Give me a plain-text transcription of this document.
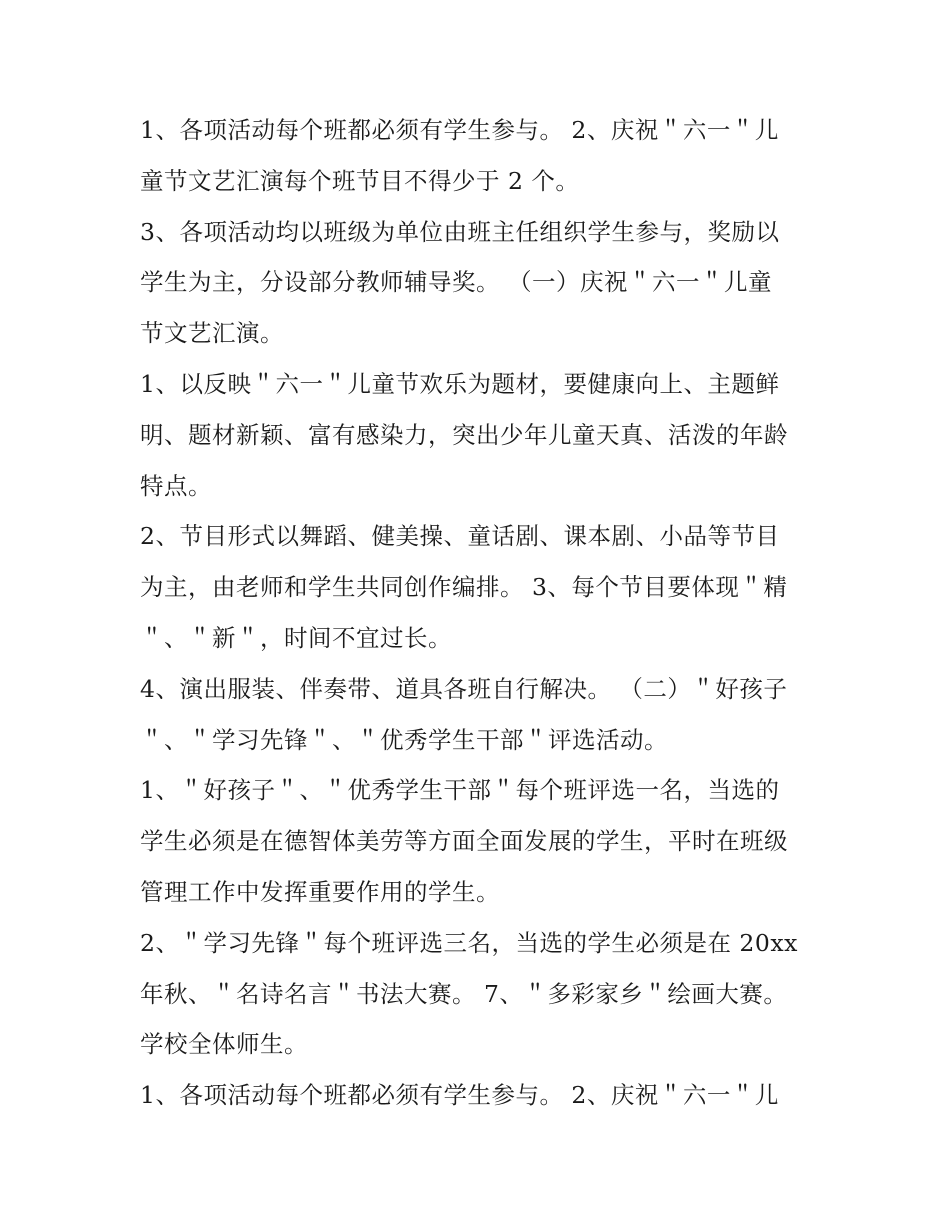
1、各项活动每个班都必须有学生参与。 2、庆祝＂六一＂儿
童节文艺汇演每个班节目不得少于 2 个。
3、各项活动均以班级为单位由班主任组织学生参与，奖励以
学生为主，分设部分教师辅导奖。 （一）庆祝＂六一＂儿童
节文艺汇演。
1、以反映＂六一＂儿童节欢乐为题材，要健康向上、主题鲜
明、题材新颖、富有感染力，突出少年儿童天真、活泼的年龄
特点。
2、节目形式以舞蹈、健美操、童话剧、课本剧、小品等节目
为主，由老师和学生共同创作编排。 3、每个节目要体现＂精
＂、＂新＂，时间不宜过长。
4、演出服装、伴奏带、道具各班自行解决。 （二）＂好孩子
＂、＂学习先锋＂、＂优秀学生干部＂评选活动。
1、＂好孩子＂、＂优秀学生干部＂每个班评选一名，当选的
学生必须是在德智体美劳等方面全面发展的学生，平时在班级
管理工作中发挥重要作用的学生。
2、＂学习先锋＂每个班评选三名，当选的学生必须是在 20xx
年秋、＂名诗名言＂书法大赛。 7、＂多彩家乡＂绘画大赛。
学校全体师生。
1、各项活动每个班都必须有学生参与。 2、庆祝＂六一＂儿
